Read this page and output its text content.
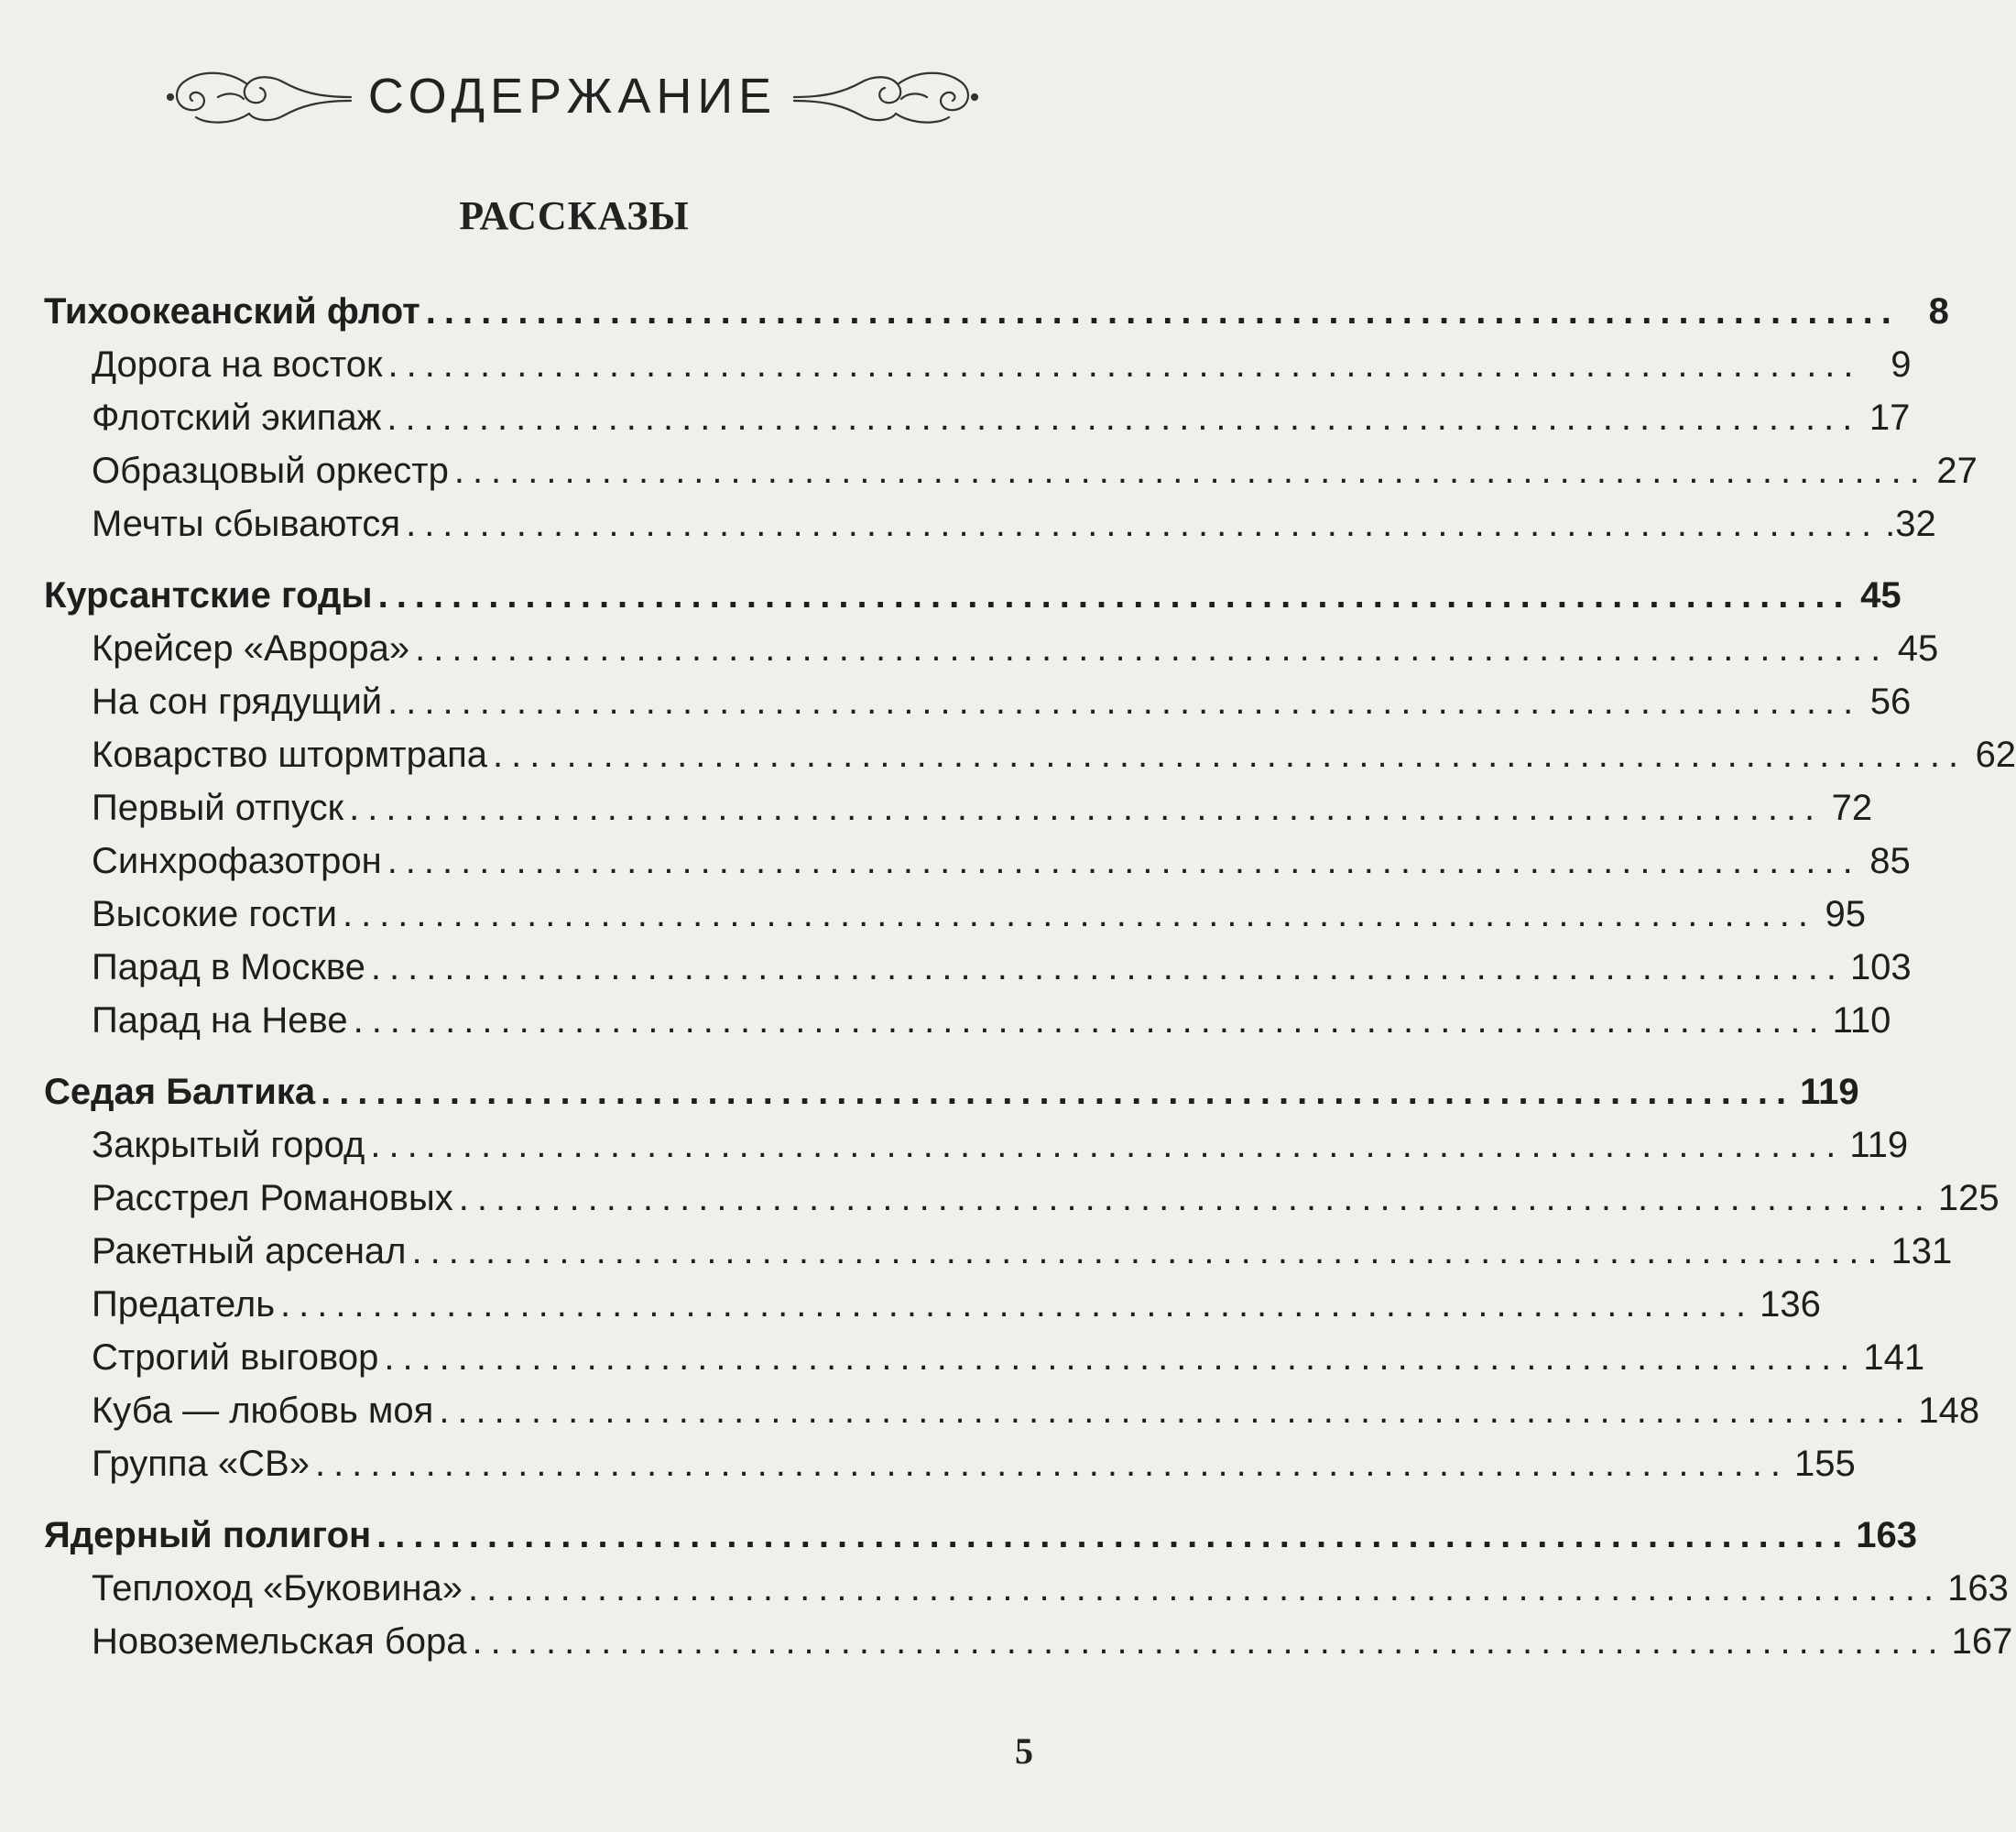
СОДЕРЖАНИЕ
РАССКАЗЫ
Тихоокеанский флот ................................................................................ 8
Дорога на восток ................................................................................ 9
Флотский экипаж ................................................................................ 17
Образцовый оркестр ................................................................................ 27
Мечты сбываются ................................................................................ .32
Курсантские годы ................................................................................ 45
Крейсер «Аврора» ................................................................................ 45
На сон грядущий ................................................................................ 56
Коварство штормтрапа ................................................................................ 62
Первый отпуск ................................................................................ 72
Синхрофазотрон ................................................................................ 85
Высокие гости ................................................................................ 95
Парад в Москве ................................................................................ 103
Парад на Неве ................................................................................ 110
Седая Балтика ................................................................................ 119
Закрытый город ................................................................................ 119
Расстрел Романовых ................................................................................ 125
Ракетный арсенал ................................................................................ 131
Предатель ................................................................................ 136
Строгий выговор ................................................................................ 141
Куба — любовь моя ................................................................................ 148
Группа «СВ» ................................................................................ 155
Ядерный полигон ................................................................................ 163
Теплоход «Буковина» ................................................................................ 163
Новоземельская бора ................................................................................ 167
5
